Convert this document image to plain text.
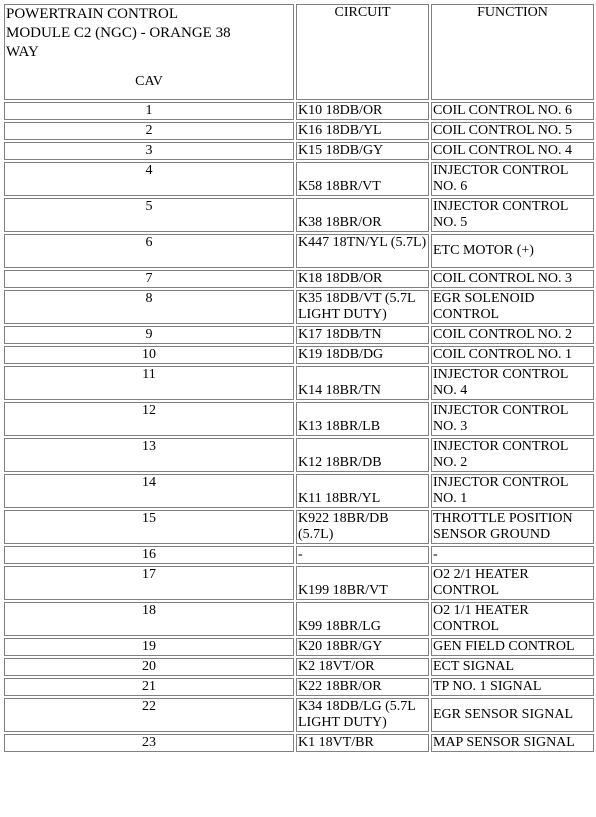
POWERTRAIN CONTROL
MODULE C2 (NGC) - ORANGE 38
WAY
CAV	CIRCUIT	FUNCTION
1	K10 18DB/OR	COIL CONTROL NO. 6
2	K16 18DB/YL	COIL CONTROL NO. 5
3	K15 18DB/GY	COIL CONTROL NO. 4
4	K58 18BR/VT	INJECTOR CONTROL NO. 6
5	K38 18BR/OR	INJECTOR CONTROL NO. 5
6	K447 18TN/YL (5.7L)	ETC MOTOR (+)
7	K18 18DB/OR	COIL CONTROL NO. 3
8	K35 18DB/VT (5.7L LIGHT DUTY)	EGR SOLENOID CONTROL
9	K17 18DB/TN	COIL CONTROL NO. 2
10	K19 18DB/DG	COIL CONTROL NO. 1
11	K14 18BR/TN	INJECTOR CONTROL NO. 4
12	K13 18BR/LB	INJECTOR CONTROL NO. 3
13	K12 18BR/DB	INJECTOR CONTROL NO. 2
14	K11 18BR/YL	INJECTOR CONTROL NO. 1
15	K922 18BR/DB (5.7L)	THROTTLE POSITION SENSOR GROUND
16	-	-
17	K199 18BR/VT	O2 2/1 HEATER CONTROL
18	K99 18BR/LG	O2 1/1 HEATER CONTROL
19	K20 18BR/GY	GEN FIELD CONTROL
20	K2 18VT/OR	ECT SIGNAL
21	K22 18BR/OR	TP NO. 1 SIGNAL
22	K34 18DB/LG (5.7L LIGHT DUTY)	EGR SENSOR SIGNAL
23	K1 18VT/BR	MAP SENSOR SIGNAL
